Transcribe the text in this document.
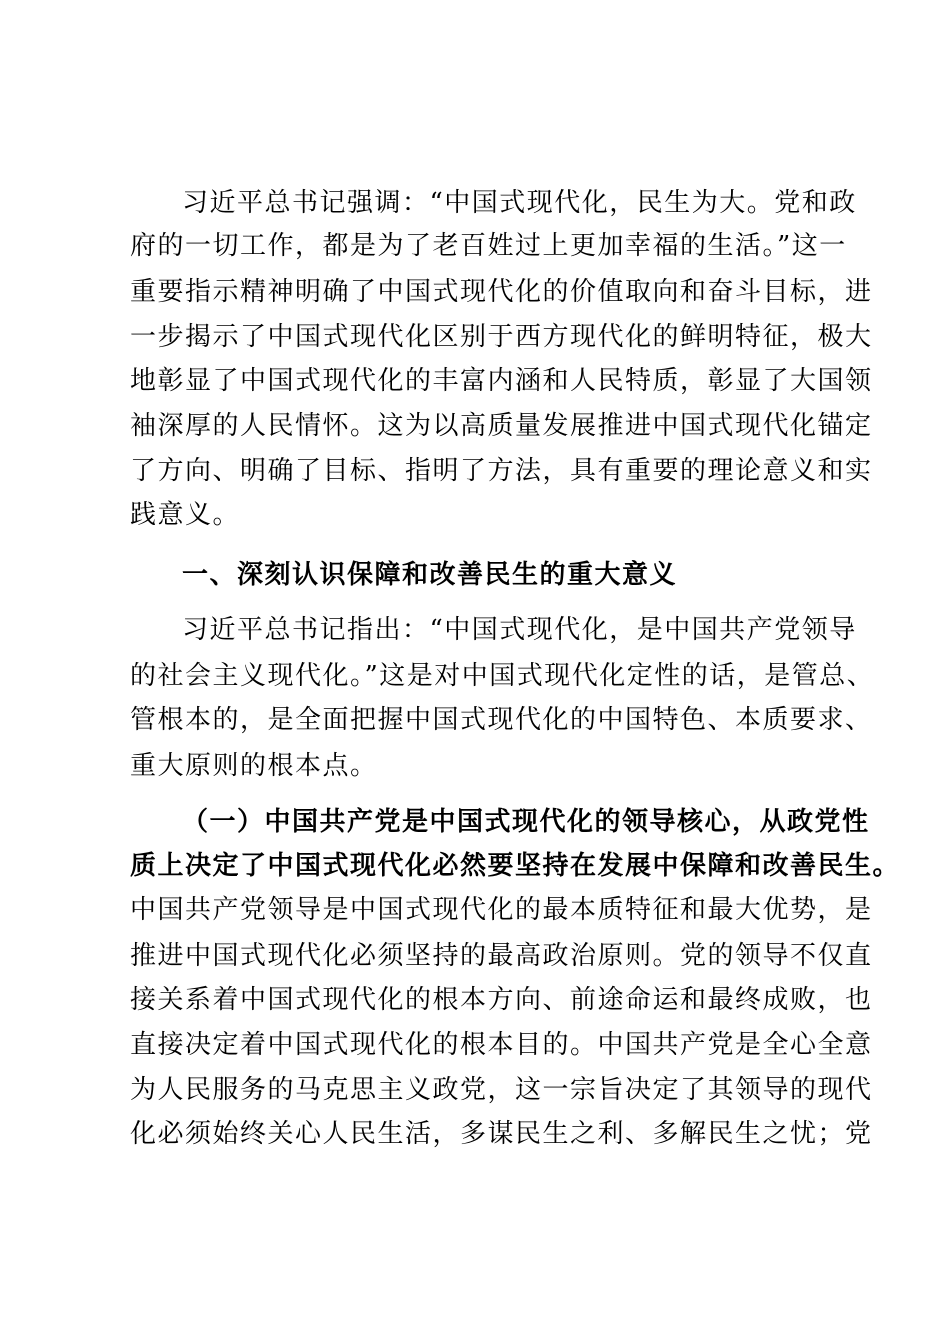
习近平总书记强调：“中国式现代化，民生为大。党和政
府的一切工作，都是为了老百姓过上更加幸福的生活。”这一
重要指示精神明确了中国式现代化的价值取向和奋斗目标，进
一步揭示了中国式现代化区别于西方现代化的鲜明特征，极大
地彰显了中国式现代化的丰富内涵和人民特质，彰显了大国领
袖深厚的人民情怀。这为以高质量发展推进中国式现代化锚定
了方向、明确了目标、指明了方法，具有重要的理论意义和实
践意义。
一、深刻认识保障和改善民生的重大意义
习近平总书记指出：“中国式现代化，是中国共产党领导
的社会主义现代化。”这是对中国式现代化定性的话，是管总、
管根本的，是全面把握中国式现代化的中国特色、本质要求、
重大原则的根本点。
（一）中国共产党是中国式现代化的领导核心，从政党性
质上决定了中国式现代化必然要坚持在发展中保障和改善民生。
中国共产党领导是中国式现代化的最本质特征和最大优势，是
推进中国式现代化必须坚持的最高政治原则。党的领导不仅直
接关系着中国式现代化的根本方向、前途命运和最终成败，也
直接决定着中国式现代化的根本目的。中国共产党是全心全意
为人民服务的马克思主义政党，这一宗旨决定了其领导的现代
化必须始终关心人民生活，多谋民生之利、多解民生之忧；党
